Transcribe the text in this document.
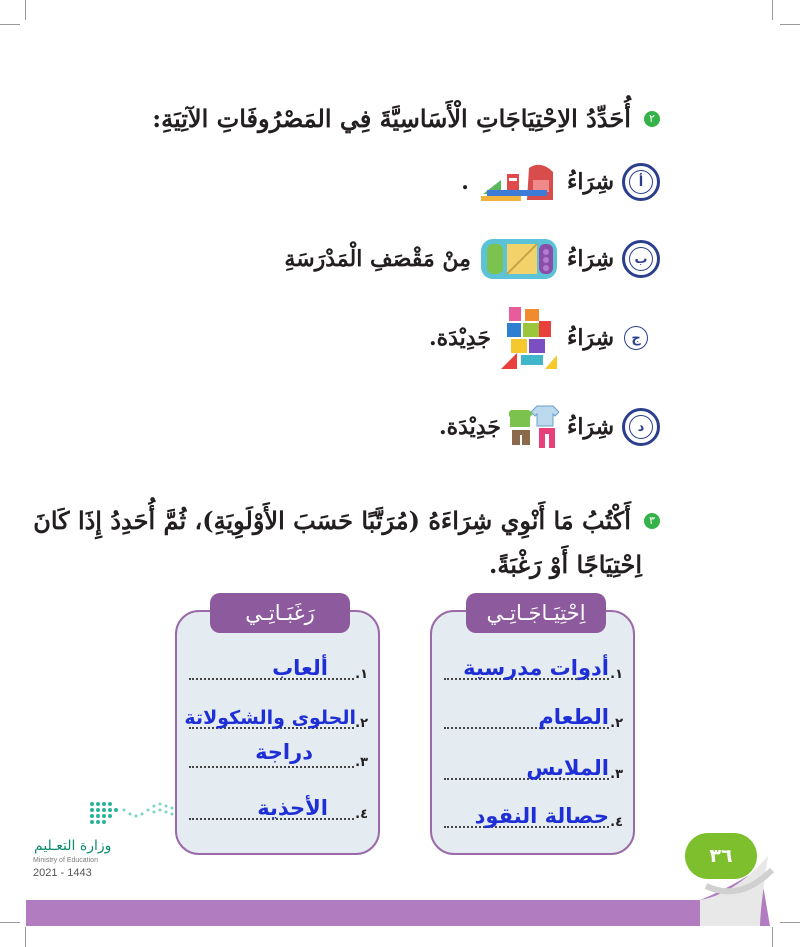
٢ أُحَدِّدُ الاِحْتِيَاجَاتِ الْأَسَاسِيَّةَ فِي المَصْرُوفَاتِ الآتِيَةِ:
أ
شِرَاءُ
.
ب
شِرَاءُ
مِنْ مَقْصَفِ الْمَدْرَسَةِ
ج
شِرَاءُ
جَدِيْدَة.
د
شِرَاءُ
جَدِيْدَة.
٣ أَكْتُبُ مَا أَنْوِي شِرَاءَهُ (مُرَتَّبًا حَسَبَ الأَوْلَوِيَةِ)، ثُمَّ أُحَدِدُ إِذَا كَانَ
اِحْتِيَاجًا أَوْ رَغْبَةً.
١.
أدوات مدرسية
٢.
الطعام
٣.
الملابس
٤.
حصالة النقود
اِحْتِيَـاجَـاتِـي
١.
ألعاب
٢.
الحلوى والشكولاتة
٣.
دراجة
٤.
الأحذية
رَغَبَـاتِـي
وزارة التعـليم
Ministry of Education
2021 - 1443
٣٦
